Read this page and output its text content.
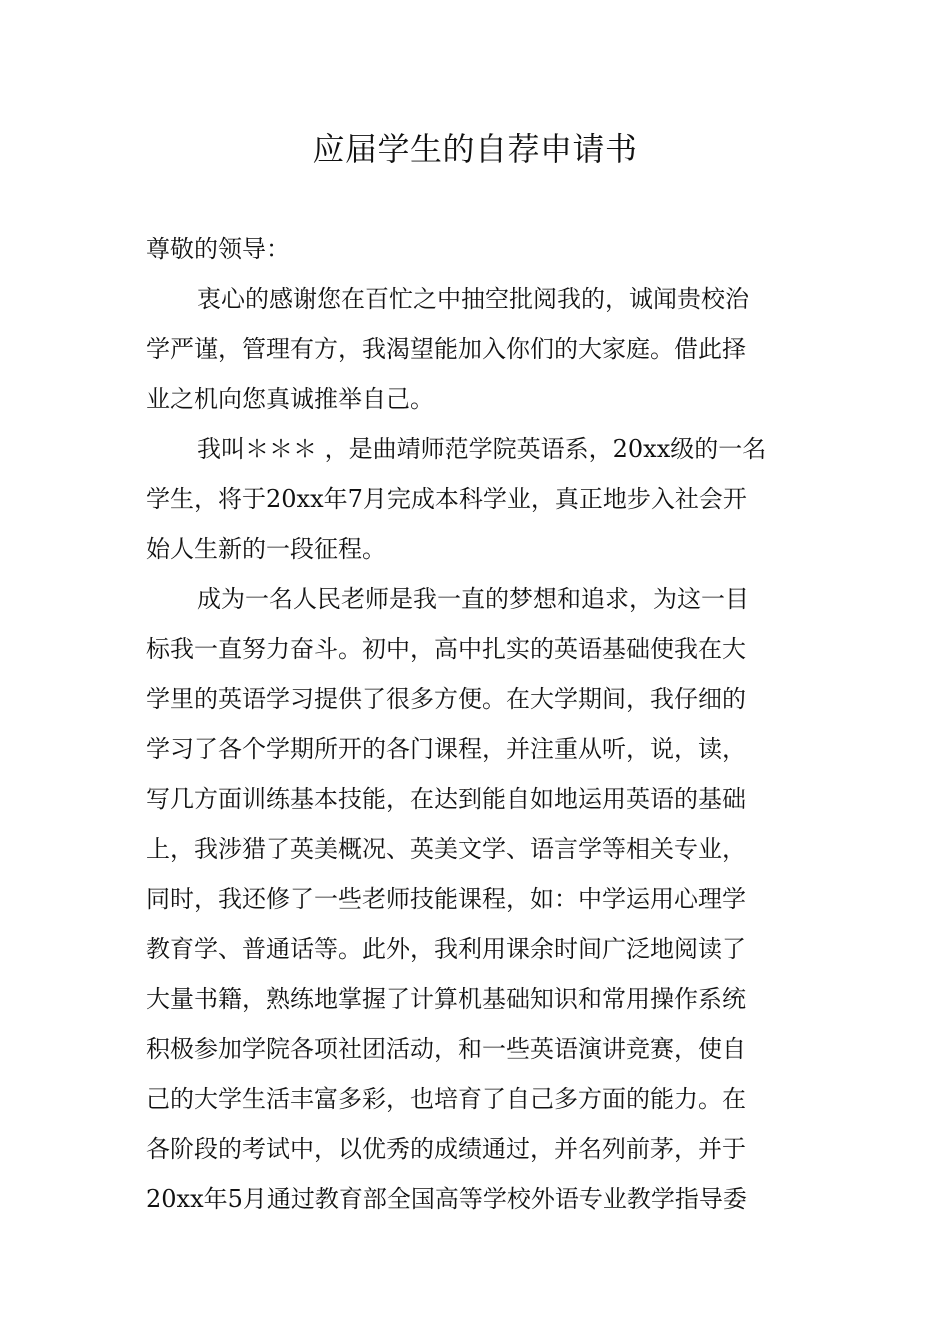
应届学生的自荐申请书
尊敬的领导：
衷心的感谢您在百忙之中抽空批阅我的，诚闻贵校治
学严谨，管理有方，我渴望能加入你们的大家庭。借此择
业之机向您真诚推举自己。
我叫＊＊＊ ，是曲靖师范学院英语系，20xx级的一名
学生，将于20xx年7月完成本科学业，真正地步入社会开
始人生新的一段征程。
成为一名人民老师是我一直的梦想和追求，为这一目
标我一直努力奋斗。初中，高中扎实的英语基础使我在大
学里的英语学习提供了很多方便。在大学期间，我仔细的
学习了各个学期所开的各门课程，并注重从听，说，读，
写几方面训练基本技能，在达到能自如地运用英语的基础
上，我涉猎了英美概况、英美文学、语言学等相关专业，
同时，我还修了一些老师技能课程，如：中学运用心理学
教育学、普通话等。此外，我利用课余时间广泛地阅读了
大量书籍，熟练地掌握了计算机基础知识和常用操作系统
积极参加学院各项社团活动，和一些英语演讲竞赛，使自
己的大学生活丰富多彩，也培育了自己多方面的能力。在
各阶段的考试中，以优秀的成绩通过，并名列前茅，并于
20xx年5月通过教育部全国高等学校外语专业教学指导委
